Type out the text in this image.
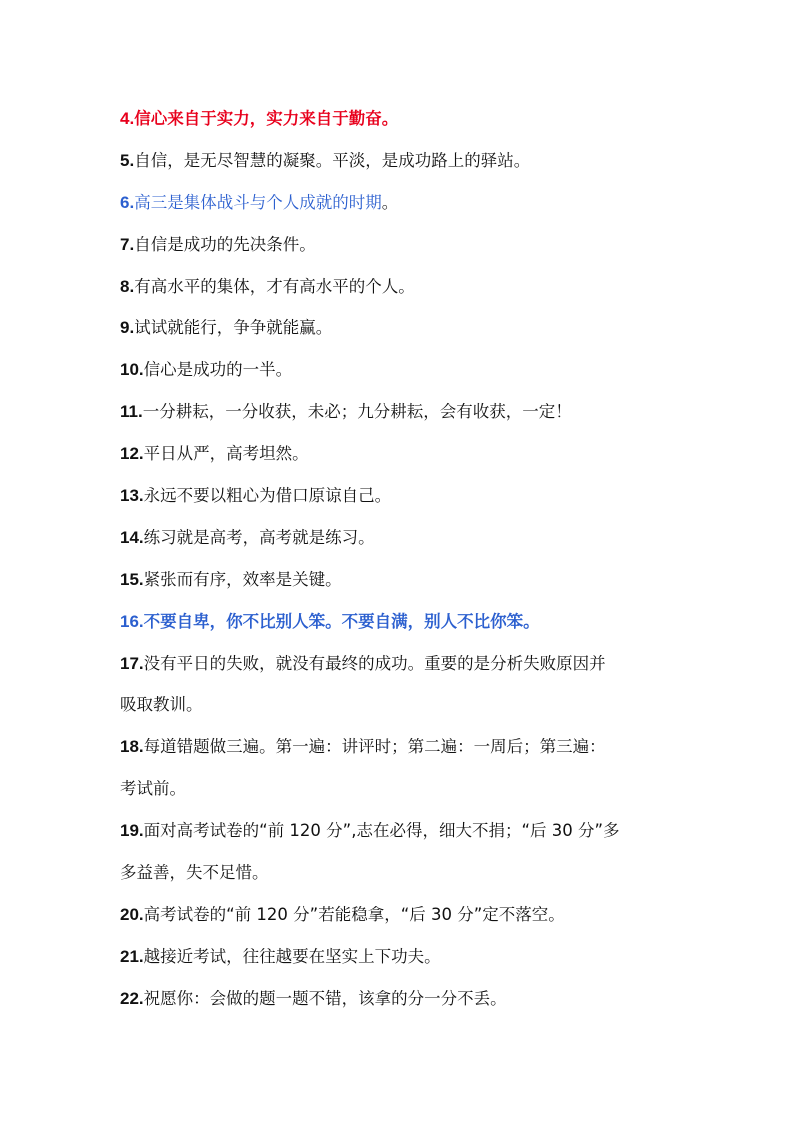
4.信心来自于实力，实力来自于勤奋。
5.自信，是无尽智慧的凝聚。平淡，是成功路上的驿站。
6.高三是集体战斗与个人成就的时期。
7.自信是成功的先决条件。
8.有高水平的集体，才有高水平的个人。
9.试试就能行，争争就能赢。
10.信心是成功的一半。
11.一分耕耘，一分收获，未必；九分耕耘，会有收获，一定！
12.平日从严，高考坦然。
13.永远不要以粗心为借口原谅自己。
14.练习就是高考，高考就是练习。
15.紧张而有序，效率是关键。
16.不要自卑，你不比别人笨。不要自满，别人不比你笨。
17.没有平日的失败，就没有最终的成功。重要的是分析失败原因并
吸取教训。
18.每道错题做三遍。第一遍：讲评时；第二遍：一周后；第三遍：
考试前。
19.面对高考试卷的“前 120 分”,志在必得，细大不捐；“后 30 分”多
多益善，失不足惜。
20.高考试卷的“前 120 分”若能稳拿，“后 30 分”定不落空。
21.越接近考试，往往越要在坚实上下功夫。
22.祝愿你：会做的题一题不错，该拿的分一分不丢。
